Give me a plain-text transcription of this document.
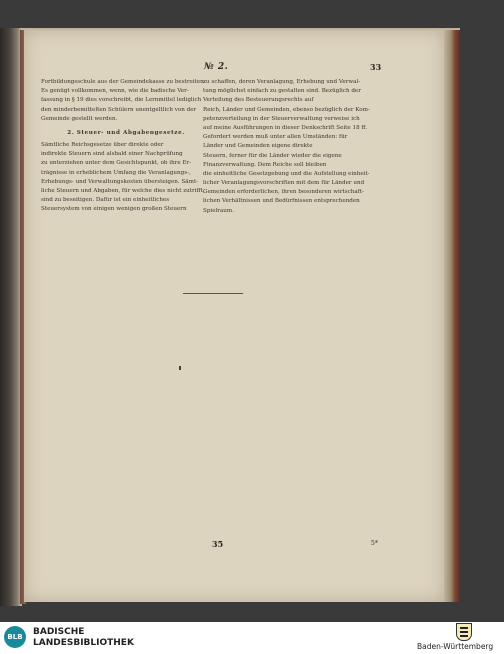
№ 2.	33
Fortbildungsschule aus der Gemeindekasse zu bestreiten.
Es genügt vollkommen, wenn, wie die badische Ver-
fassung in § 19 dies vorschreibt, die Lernmittel lediglich
den minderbemittelten Schülern unentgeltlich von der
Gemeinde gestellt werden.
2. Steuer- und Abgabengesetze.
Sämtliche Reichsgesetze über direkte oder
indirekte Steuern sind alsbald einer Nachprüfung
zu unterziehen unter dem Gesichtspunkt, ob ihre Er-
trägnisse in erheblichem Umfang die Veranlagungs-,
Erhebungs- und Verwaltungskosten übersteigen. Sämt-
liche Steuern und Abgaben, für welche dies nicht zutrifft,
sind zu beseitigen. Dafür ist ein einheitliches
Steuersystem von einigen wenigen großen Steuern
zu schaffen, deren Veranlagung, Erhebung und Verwal-
tung möglichst einfach zu gestalten sind. Bezüglich der
Verteilung des Besteuerungsrechts auf
Reich, Länder und Gemeinden, ebenso bezüglich der Kom-
petenzverteilung in der Steuerverwaltung verweise ich
auf meine Ausführungen in dieser Denkschrift Seite 18 ff.
Gefordert werden muß unter allen Umständen: für
Länder und Gemeinden eigene direkte
Steuern, ferner für die Länder wieder die eigene
Finanzverwaltung. Dem Reiche soll bleiben
die einheitliche Gesetzgebung und die Aufstellung einheit-
licher Veranlagungsvorschriften mit dem für Länder und
Gemeinden erforderlichen, ihren besonderen wirtschaft-
lichen Verhältnissen und Bedürfnissen entsprechenden
Spielraum.
35	5*
BLB	BADISCHE
LANDESBIBLIOTHEK	Baden-Württemberg
